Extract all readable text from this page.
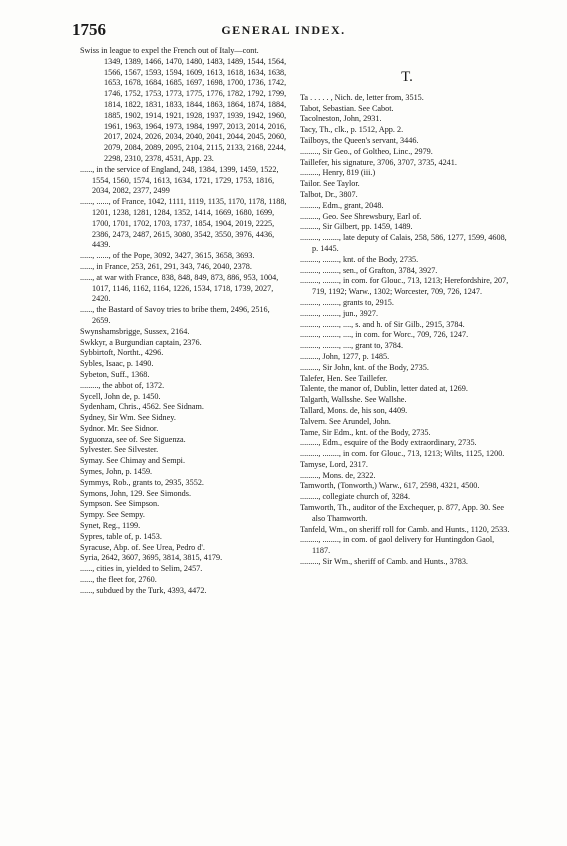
1756	GENERAL INDEX.
Swiss in league to expel the French out of Italy—cont.
1349, 1389, 1466, 1470, 1480, 1483, 1489, 1544, 1564, 1566, 1567, 1593, 1594, 1609, 1613, 1618, 1634, 1638, 1653, 1678, 1684, 1685, 1697, 1698, 1700, 1736, 1742, 1746, 1752, 1753, 1773, 1775, 1776, 1782, 1792, 1799, 1814, 1822, 1831, 1833, 1844, 1863, 1864, 1874, 1884, 1885, 1902, 1914, 1921, 1928, 1937, 1939, 1942, 1960, 1961, 1963, 1964, 1973, 1984, 1997, 2013, 2014, 2016, 2017, 2024, 2026, 2034, 2040, 2041, 2044, 2045, 2060, 2079, 2084, 2089, 2095, 2104, 2115, 2133, 2168, 2244, 2298, 2310, 2378, 4531, App. 23.
......, in the service of England, 248, 1384, 1399, 1459, 1522, 1554, 1560, 1574, 1613, 1634, 1721, 1729, 1753, 1816, 2034, 2082, 2377, 2499
......, ......, of France, 1042, 1111, 1119, 1135, 1170, 1178, 1188, 1201, 1238, 1281, 1284, 1352, 1414, 1669, 1680, 1699, 1700, 1701, 1702, 1703, 1737, 1854, 1904, 2019, 2225, 2386, 2473, 2487, 2615, 3080, 3542, 3550, 3976, 4436, 4439.
......, ......, of the Pope, 3092, 3427, 3615, 3658, 3693.
......, in France, 253, 261, 291, 343, 746, 2040, 2378.
......, at war with France, 838, 848, 849, 873, 886, 953, 1004, 1017, 1146, 1162, 1164, 1226, 1534, 1718, 1739, 2027, 2420.
......, the Bastard of Savoy tries to bribe them, 2496, 2516, 2659.
Swynshamsbrigge, Sussex, 2164.
Swkkyr, a Burgundian captain, 2376.
Sybbirtoft, Northt., 4296.
Sybles, Isaac, p. 1490.
Sybeton, Suff., 1368.
........., the abbot of, 1372.
Sycell, John de, p. 1450.
Sydenham, Chris., 4562. See Sidnam.
Sydney, Sir Wm. See Sidney.
Sydnor. Mr. See Sidnor.
Syguonza, see of. See Siguenza.
Sylvester. See Silvester.
Symay. See Chimay and Sempi.
Symes, John, p. 1459.
Symmys, Rob., grants to, 2935, 3552.
Symons, John, 129. See Simonds.
Sympson. See Simpson.
Sympy. See Sempy.
Synet, Reg., 1199.
Sypres, table of, p. 1453.
Syracuse, Abp. of. See Urea, Pedro d'.
Syria, 2642, 3607, 3695, 3814, 3815, 4179.
......, cities in, yielded to Selim, 2457.
......, the fleet for, 2760.
......, subdued by the Turk, 4393, 4472.
T.
Ta . . . . . , Nich. de, letter from, 3515.
Tabot, Sebastian. See Cabot.
Tacolneston, John, 2931.
Tacy, Th., clk., p. 1512, App. 2.
Tailboys, the Queen's servant, 3446.
........., Sir Geo., of Goltheo, Linc., 2979.
Taillefer, his signature, 3706, 3707, 3735, 4241.
........., Henry, 819 (iii.)
Tailor. See Taylor.
Talbot, Dr., 3807.
........., Edm., grant, 2048.
........., Geo. See Shrewsbury, Earl of.
........., Sir Gilbert, pp. 1459, 1489.
........., ........, late deputy of Calais, 258, 586, 1277, 1599, 4608, p. 1445.
........., ........, knt. of the Body, 2735.
........., ........, sen., of Grafton, 3784, 3927.
........., ........, in com. for Glouc., 713, 1213; Herefordshire, 207, 719, 1192; Warw., 1302; Worcester, 709, 726, 1247.
........., ........, grants to, 2915.
........., ........, jun., 3927.
........., ........, ...., s. and h. of Sir Gilb., 2915, 3784.
........., ........, ...., in com. for Worc., 709, 726, 1247.
........., ........, ...., grant to, 3784.
........., John, 1277, p. 1485.
........., Sir John, knt. of the Body, 2735.
Talefer, Hen. See Taillefer.
Talente, the manor of, Dublin, letter dated at, 1269.
Talgarth, Wallsshe. See Wallshe.
Tallard, Mons. de, his son, 4409.
Talvern. See Arundel, John.
Tame, Sir Edm., knt. of the Body, 2735.
........., Edm., esquire of the Body extraordinary, 2735.
........., ........, in com. for Glouc., 713, 1213; Wilts, 1125, 1200.
Tamyse, Lord, 2317.
........., Mons. de, 2322.
Tamworth, (Tonworth,) Warw., 617, 2598, 4321, 4500.
........., collegiate church of, 3284.
Tamworth, Th., auditor of the Exchequer, p. 877, App. 30. See also Thamworth.
Tanfeld, Wm., on sheriff roll for Camb. and Hunts., 1120, 2533.
........., ........, in com. of gaol delivery for Huntingdon Gaol, 1187.
........., Sir Wm., sheriff of Camb. and Hunts., 3783.
